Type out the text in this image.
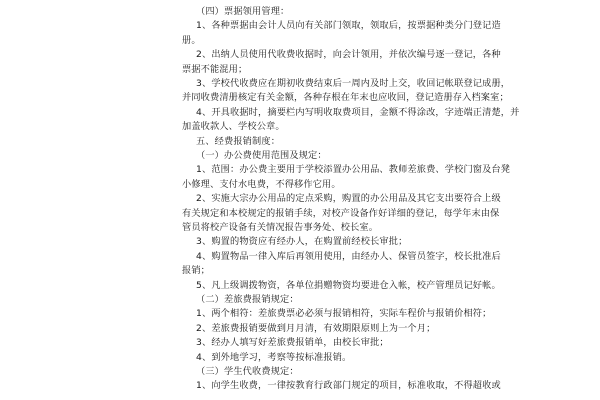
（四）票据领用管理：
1、各种票据由会计人员向有关部门领取，领取后，按票据种类分门登记造
册。
2、出纳人员使用代收费收据时，向会计领用，并依次编号逐一登记，各种
票据不能混用；
3、学校代收费应在期初收费结束后一周内及时上交，收回记帐联登记成册，
并同收费清册核定有关金额，各种存根在年末也应收回，登记造册存入档案室；
4、开具收据时，摘要栏内写明收取费项目，金额不得涂改，字迹端正清楚，并
加盖收款人、学校公章。
五、经费报销制度：
（一）办公费使用范围及规定：
1、范围：办公费主要用于学校添置办公用品、教师差旅费、学校门窗及台凳
小修理、支付水电费，不得移作它用。
2、实施大宗办公用品的定点采购，购置的办公用品及其它支出要符合上级
有关规定和本校规定的报销手续，对校产设备作好详细的登记，每学年末由保
管员将校产设备有关情况报告事务处、校长室。
3、购置的物资应有经办人，在购置前经校长审批；
4、购置物品一律入库后再领用使用，由经办人、保管员签字，校长批准后
报销；
5、凡上级调拨物资，各单位捐赠物资均要进仓入帐，校产管理员记好帐。
（二）差旅费报销规定：
1、两个相符：差旅费票必必须与报销相符，实际车程价与报销价相符；
2、差旅费报销要做到月月清，有效期限原则上为一个月；
3、经办人填写好差旅费报销单，由校长审批；
4、到外地学习，考察等按标准报销。
（三）学生代收费规定：
1、向学生收费，一律按教育行政部门规定的项目，标准收取，不得超收或
